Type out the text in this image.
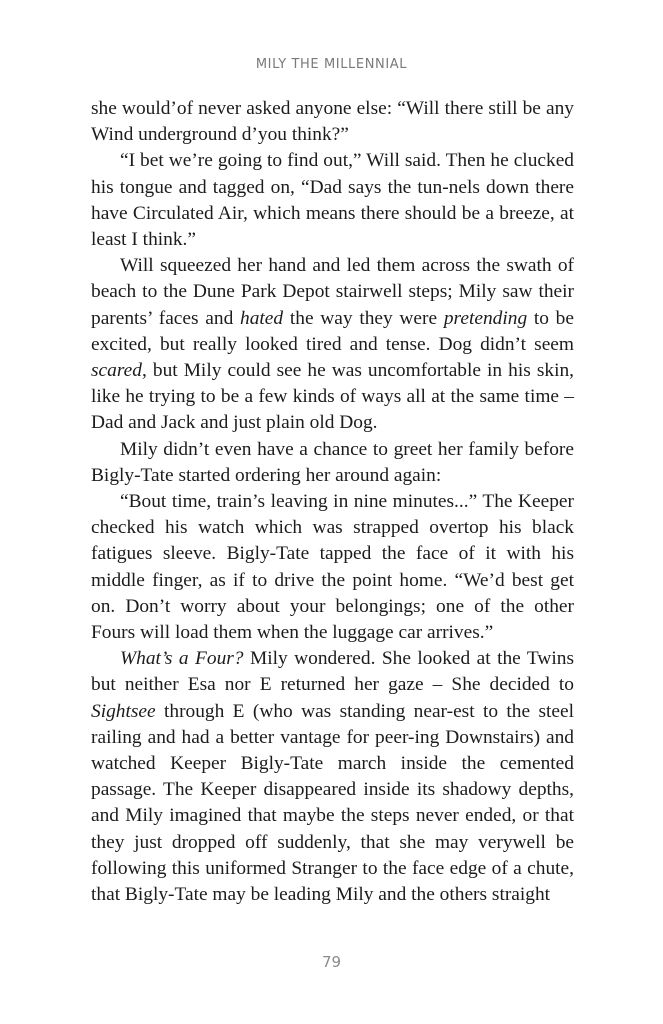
MILY THE MILLENNIAL

she would’of never asked anyone else: “Will there still be any Wind underground d’you think?”

“I bet we’re going to find out,” Will said. Then he clucked his tongue and tagged on, “Dad says the tun-nels down there have Circulated Air, which means there should be a breeze, at least I think.”

Will squeezed her hand and led them across the swath of beach to the Dune Park Depot stairwell steps; Mily saw their parents’ faces and hated the way they were pretending to be excited, but really looked tired and tense. Dog didn’t seem scared, but Mily could see he was uncomfortable in his skin, like he trying to be a few kinds of ways all at the same time – Dad and Jack and just plain old Dog.

Mily didn’t even have a chance to greet her family before Bigly-Tate started ordering her around again:

“Bout time, train’s leaving in nine minutes...” The Keeper checked his watch which was strapped overtop his black fatigues sleeve. Bigly-Tate tapped the face of it with his middle finger, as if to drive the point home. “We’d best get on. Don’t worry about your belongings; one of the other Fours will load them when the luggage car arrives.”

What’s a Four? Mily wondered. She looked at the Twins but neither Esa nor E returned her gaze – She decided to Sightsee through E (who was standing near-est to the steel railing and had a better vantage for peer-ing Downstairs) and watched Keeper Bigly-Tate march inside the cemented passage. The Keeper disappeared inside its shadowy depths, and Mily imagined that maybe the steps never ended, or that they just dropped off suddenly, that she may verywell be following this uniformed Stranger to the face edge of a chute, that Bigly-Tate may be leading Mily and the others straight

79
